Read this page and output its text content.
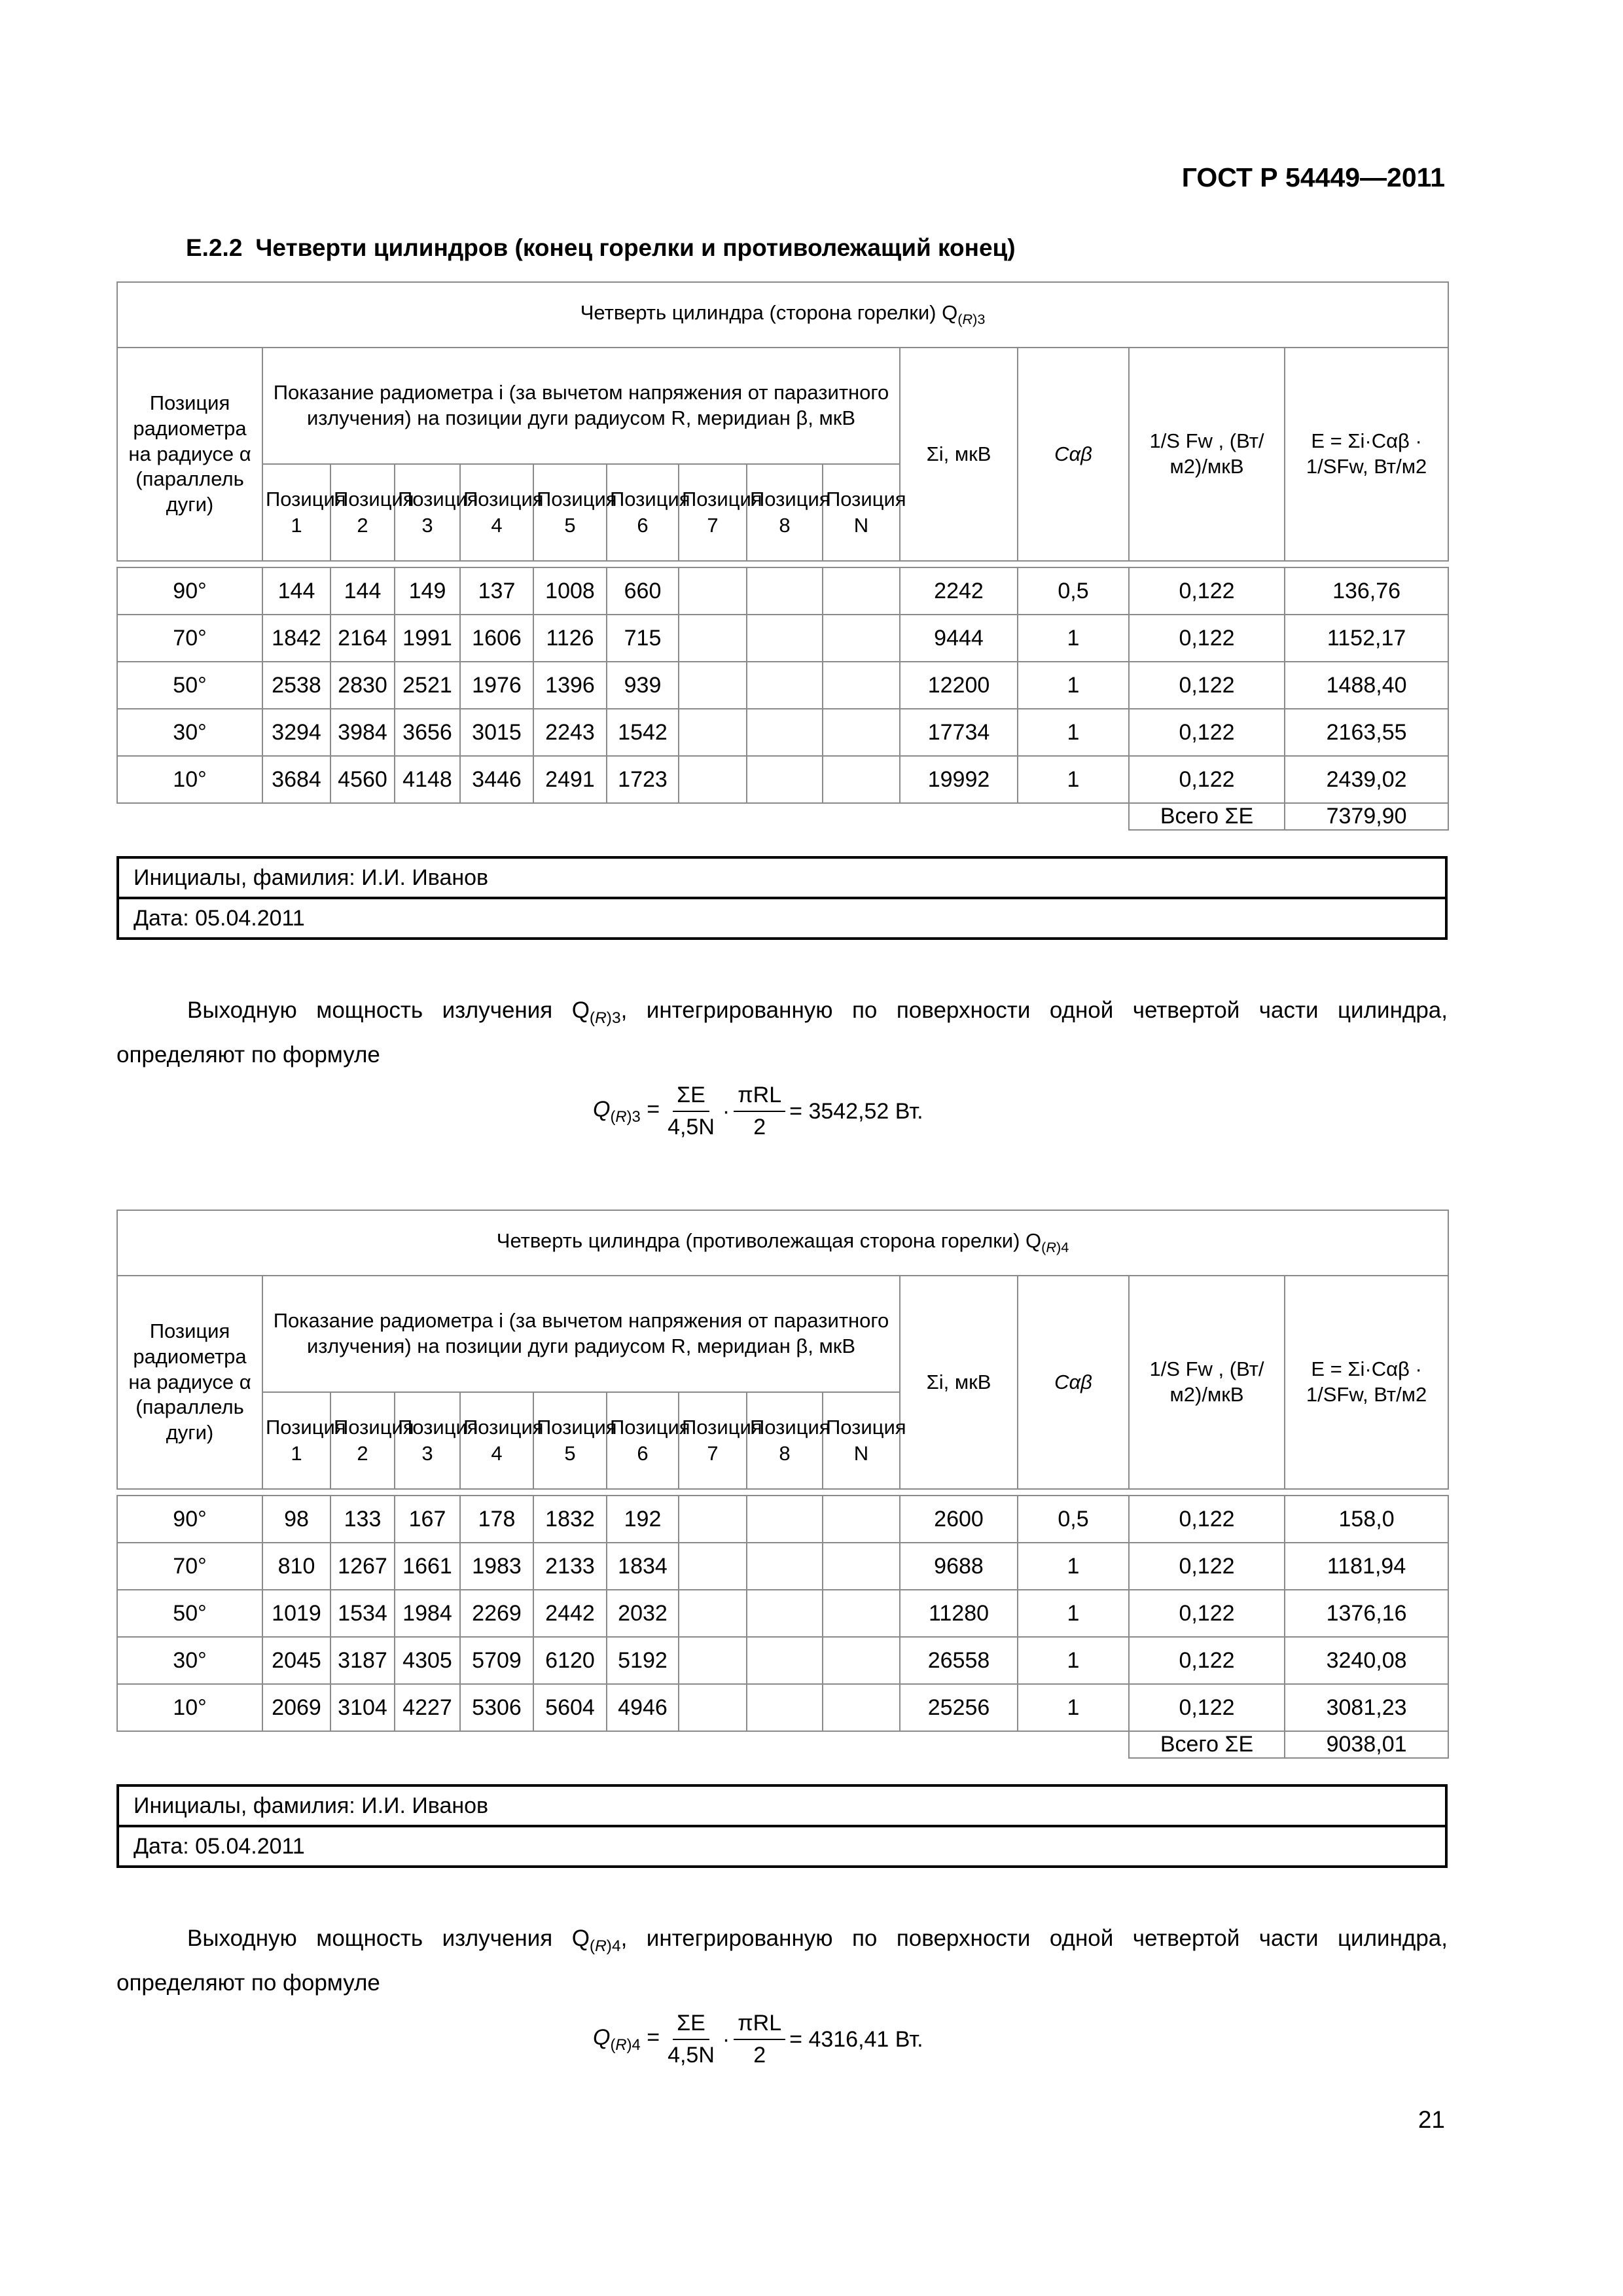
ГОСТ Р 54449—2011
Е.2.2 Четверти цилиндров (конец горелки и противолежащий конец)
Четверть цилиндра (сторона горелки) $Q_{(R)3}$
Позиция радиометра на радиусе α (параллель дуги)	Показание радиометра i (за вычетом напряжения от паразитного излучения) на позиции дуги радиусом R, меридиан β, мкВ									Σi, мкВ	Cαβ	1/S Fw , (Вт/м2)/мкВ	E = Σi·Cαβ · 1/SFw, Вт/м2
	Позиция 1	Позиция 2	Позиция 3	Позиция 4	Позиция 5	Позиция 6	Позиция 7	Позиция 8	Позиция N				

90°	144	144	149	137	1008	660				2242	0,5	0,122	136,76
70°	1842	2164	1991	1606	1126	715				9444	1	0,122	1152,17
50°	2538	2830	2521	1976	1396	939				12200	1	0,122	1488,40
30°	3294	3984	3656	3015	2243	1542				17734	1	0,122	2163,55
10°	3684	4560	4148	3446	2491	1723				19992	1	0,122	2439,02
												Всего ΣE	7379,90
Инициалы, фамилия: И.И. Иванов
Дата: 05.04.2011

Выходную мощность излучения $Q_{(R)3}$, интегрированную по поверхности одной четвертой части цилиндра, определяют по формуле

$Q_{(R)3} = \frac{\Sigma E}{4,5N} \cdot \frac{\text{πRL}}{2} = 3542,52$ Вт.
Четверть цилиндра (противолежащая сторона горелки) $Q_{(R)4}$
Позиция радиометра на радиусе α (параллель дуги)	Показание радиометра i (за вычетом напряжения от паразитного излучения) на позиции дуги радиусом R, меридиан β, мкВ									Σi, мкВ	Cαβ	1/S Fw , (Вт/м2)/мкВ	E = Σi·Cαβ · 1/SFw, Вт/м2
	Позиция 1	Позиция 2	Позиция 3	Позиция 4	Позиция 5	Позиция 6	Позиция 7	Позиция 8	Позиция N				

90°	98	133	167	178	1832	192				2600	0,5	0,122	158,0
70°	810	1267	1661	1983	2133	1834				9688	1	0,122	1181,94
50°	1019	1534	1984	2269	2442	2032				11280	1	0,122	1376,16
30°	2045	3187	4305	5709	6120	5192				26558	1	0,122	3240,08
10°	2069	3104	4227	5306	5604	4946				25256	1	0,122	3081,23
												Всего ΣE	9038,01
Инициалы, фамилия: И.И. Иванов
Дата: 05.04.2011

Выходную мощность излучения $Q_{(R)4}$, интегрированную по поверхности одной четвертой части цилиндра, определяют по формуле

$Q_{(R)4} = \frac{\Sigma E}{4,5N} \cdot \frac{\text{πRL}}{2} = 4316,41$ Вт.
21
